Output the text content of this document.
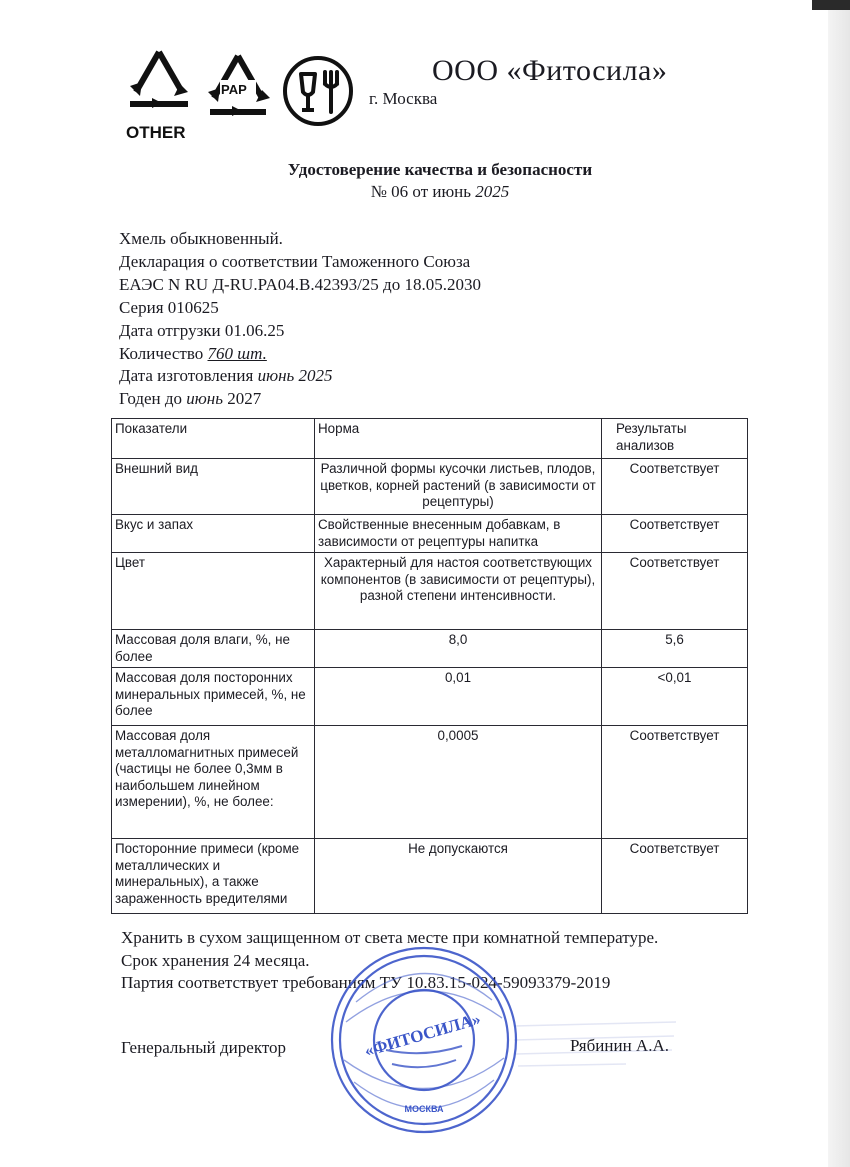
OTHER
PAP
ООО «Фитосила»
г. Москва
Удостоверение качества и безопасности
№ 06 от июнь 2025
Хмель обыкновенный.
Декларация о соответствии Таможенного Союза
ЕАЭС N RU Д-RU.PA04.B.42393/25 до 18.05.2030
Серия 010625
Дата отгрузки 01.06.25
Количество 760 шт.
Дата изготовления июнь 2025
Годен до июнь 2027
Показатели	Норма	Результаты анализов
Внешний вид	Различной формы кусочки листьев, плодов, цветков, корней растений (в зависимости от рецептуры)	Соответствует
Вкус и запах	Свойственные внесенным добавкам, в зависимости от рецептуры напитка	Соответствует
Цвет	Характерный для настоя соответствующих компонентов (в зависимости от рецептуры), разной степени интенсивности.	Соответствует
Массовая доля влаги, %, не более	8,0	5,6
Массовая доля посторонних минеральных примесей, %, не более	0,01	<0,01
Массовая доля металломагнитных примесей (частицы не более 0,3мм в наибольшем линейном измерении), %, не более:	0,0005	Соответствует
Посторонние примеси (кроме металлических и минеральных), а также зараженность вредителями	Не допускаются	Соответствует
Хранить в сухом защищенном от света месте при комнатной температуре.
Срок хранения 24 месяца.
Партия соответствует требованиям ТУ 10.83.15-024-59093379-2019
Генеральный директор	Рябинин А.А.
«ФИТОСИЛА»
МОСКВА
